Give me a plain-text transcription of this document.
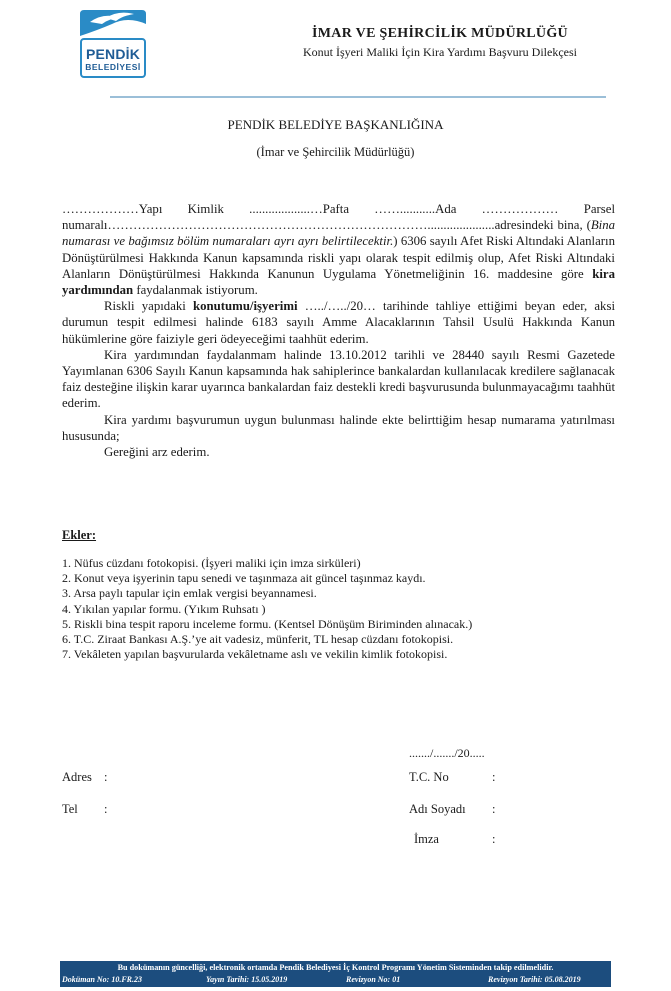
PENDİK
BELEDİYESİ
İMAR VE ŞEHİRCİLİK MÜDÜRLÜĞÜ
Konut İşyeri Maliki İçin Kira Yardımı Başvuru Dilekçesi
PENDİK BELEDİYE BAŞKANLIĞINA
(İmar ve Şehircilik Müdürlüğü)

………………Yapı Kimlik ...................…Pafta ……...........Ada ……………… Parsel numaralı………………………………………………………………….....................adresindeki bina, (Bina numarası ve bağımsız bölüm numaraları ayrı ayrı belirtilecektir.) 6306 sayılı Afet Riski Altındaki Alanların Dönüştürülmesi Hakkında Kanun kapsamında riskli yapı olarak tespit edilmiş olup, Afet Riski Altındaki Alanların Dönüştürülmesi Hakkında Kanunun Uygulama Yönetmeliğinin 16. maddesine göre kira yardımından faydalanmak istiyorum.

Riskli yapıdaki konutumu/işyerimi …../…../20… tarihinde tahliye ettiğimi beyan eder, aksi durumun tespit edilmesi halinde 6183 sayılı Amme Alacaklarının Tahsil Usulü Hakkında Kanun hükümlerine göre faiziyle geri ödeyeceğimi taahhüt ederim.

Kira yardımından faydalanmam halinde 13.10.2012 tarihli ve 28440 sayılı Resmi Gazetede Yayımlanan 6306 Sayılı Kanun kapsamında hak sahiplerince bankalardan kullanılacak kredilere sağlanacak faiz desteğine ilişkin karar uyarınca bankalardan faiz destekli kredi başvurusunda bulunmayacağımı taahhüt ederim.

Kira yardımı başvurumun uygun bulunması halinde ekte belirttiğim hesap numarama yatırılması hususunda;

Gereğini arz ederim.

Ekler:
1. Nüfus cüzdanı fotokopisi. (İşyeri maliki için imza sirküleri)
2. Konut veya işyerinin tapu senedi ve taşınmaza ait güncel taşınmaz kaydı.
3. Arsa paylı tapular için emlak vergisi beyannamesi.
4. Yıkılan yapılar formu. (Yıkım Ruhsatı )
5. Riskli bina tespit raporu inceleme formu. (Kentsel Dönüşüm Biriminden alınacak.)
6. T.C. Ziraat Bankası A.Ş.’ye ait vadesiz, münferit, TL hesap cüzdanı fotokopisi.
7. Vekâleten yapılan başvurularda vekâletname aslı ve vekilin kimlik fotokopisi.
......./......./20.....
Adres :
Tel :
T.C. No	:
Adı Soyadı :
İmza	:
Bu dokümanın güncelliği, elektronik ortamda Pendik Belediyesi İç Kontrol Programı Yönetim Sisteminden takip edilmelidir.
Doküman No: 10.FR.23	Yayın Tarihi: 15.05.2019	Revizyon No: 01	Revizyon Tarihi: 05.08.2019
